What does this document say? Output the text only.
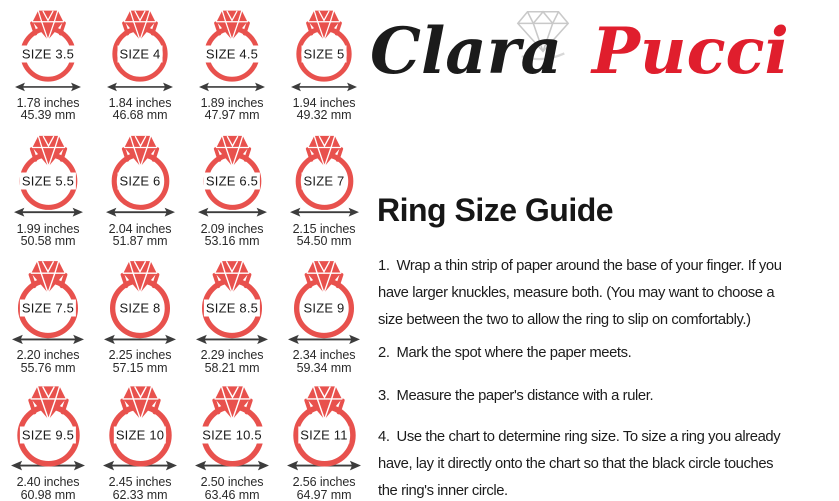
SIZE 3.5
1.78 inches
45.39 mm
SIZE 4
1.84 inches
46.68 mm
SIZE 4.5
1.89 inches
47.97 mm
SIZE 5
1.94 inches
49.32 mm
SIZE 5.5
1.99 inches
50.58 mm
SIZE 6
2.04 inches
51.87 mm
SIZE 6.5
2.09 inches
53.16 mm
SIZE 7
2.15 inches
54.50 mm
SIZE 7.5
2.20 inches
55.76 mm
SIZE 8
2.25 inches
57.15 mm
SIZE 8.5
2.29 inches
58.21 mm
SIZE 9
2.34 inches
59.34 mm
SIZE 9.5
2.40 inches
60.98 mm
SIZE 10
2.45 inches
62.33 mm
SIZE 10.5
2.50 inches
63.46 mm
SIZE 11
2.56 inches
64.97 mm
Clara Pucci
Ring Size Guide
1. Wrap a thin strip of paper around the base of your finger. If you
have larger knuckles, measure both. (You may want to choose a
size between the two to allow the ring to slip on comfortably.)
2. Mark the spot where the paper meets.
3. Measure the paper's distance with a ruler.
4. Use the chart to determine ring size. To size a ring you already
have, lay it directly onto the chart so that the black circle touches
the ring's inner circle.
